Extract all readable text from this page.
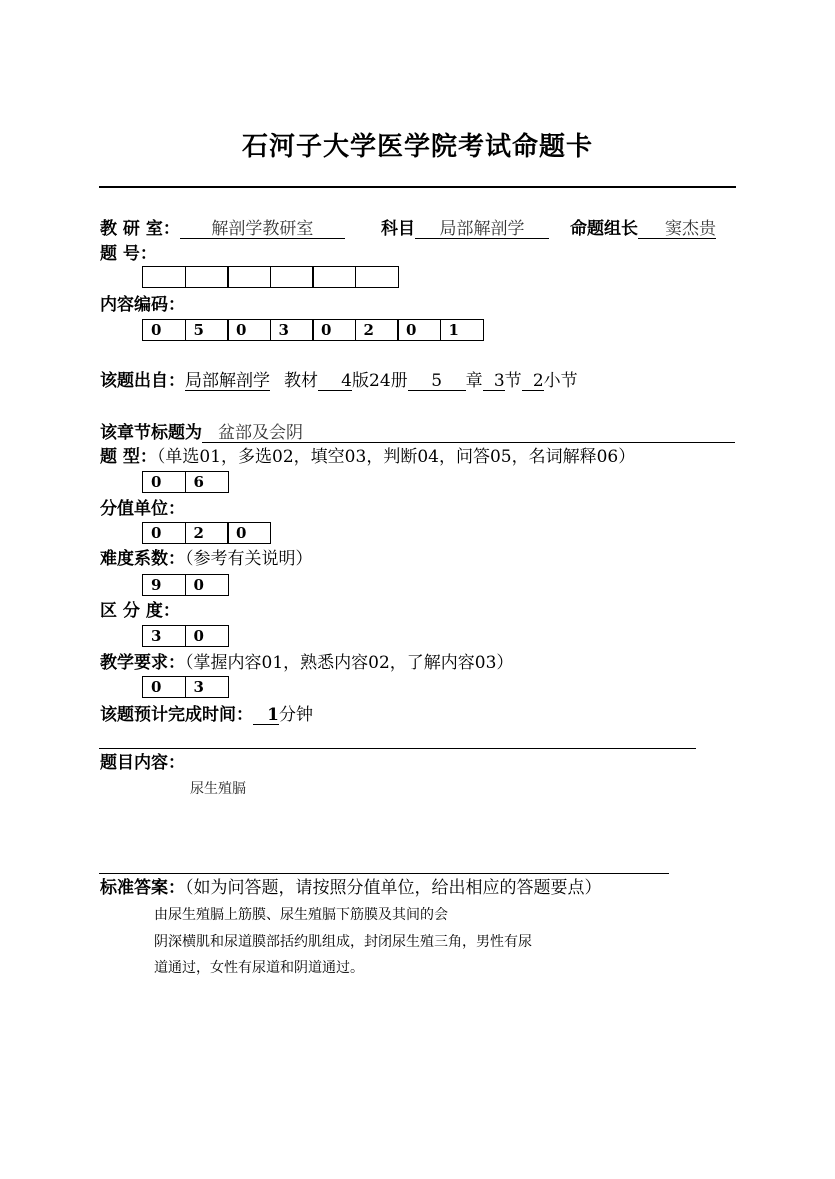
石河子大学医学院考试命题卡
教 研 室： 解剖学教研室	科目 局部解剖学	命题组长 窦杰贵
题 号：
内容编码：
0	5	0	3	0	2	0	1
该题出自：局部解剖学 教材 4版24册 5 章 3节 2小节
该章节标题为 盆部及会阴
题 型：（单选01，多选02，填空03，判断04，问答05，名词解释06）
0	6
分值单位：
0	2	0
难度系数：（参考有关说明）
9	0
区 分 度：
3	0
教学要求：（掌握内容01，熟悉内容02，了解内容03）
0	3
该题预计完成时间： 1分钟
题目内容：
尿生殖膈
标准答案：（如为问答题，请按照分值单位，给出相应的答题要点）
由尿生殖膈上筋膜、尿生殖膈下筋膜及其间的会
阴深横肌和尿道膜部括约肌组成，封闭尿生殖三角，男性有尿
道通过，女性有尿道和阴道通过。
